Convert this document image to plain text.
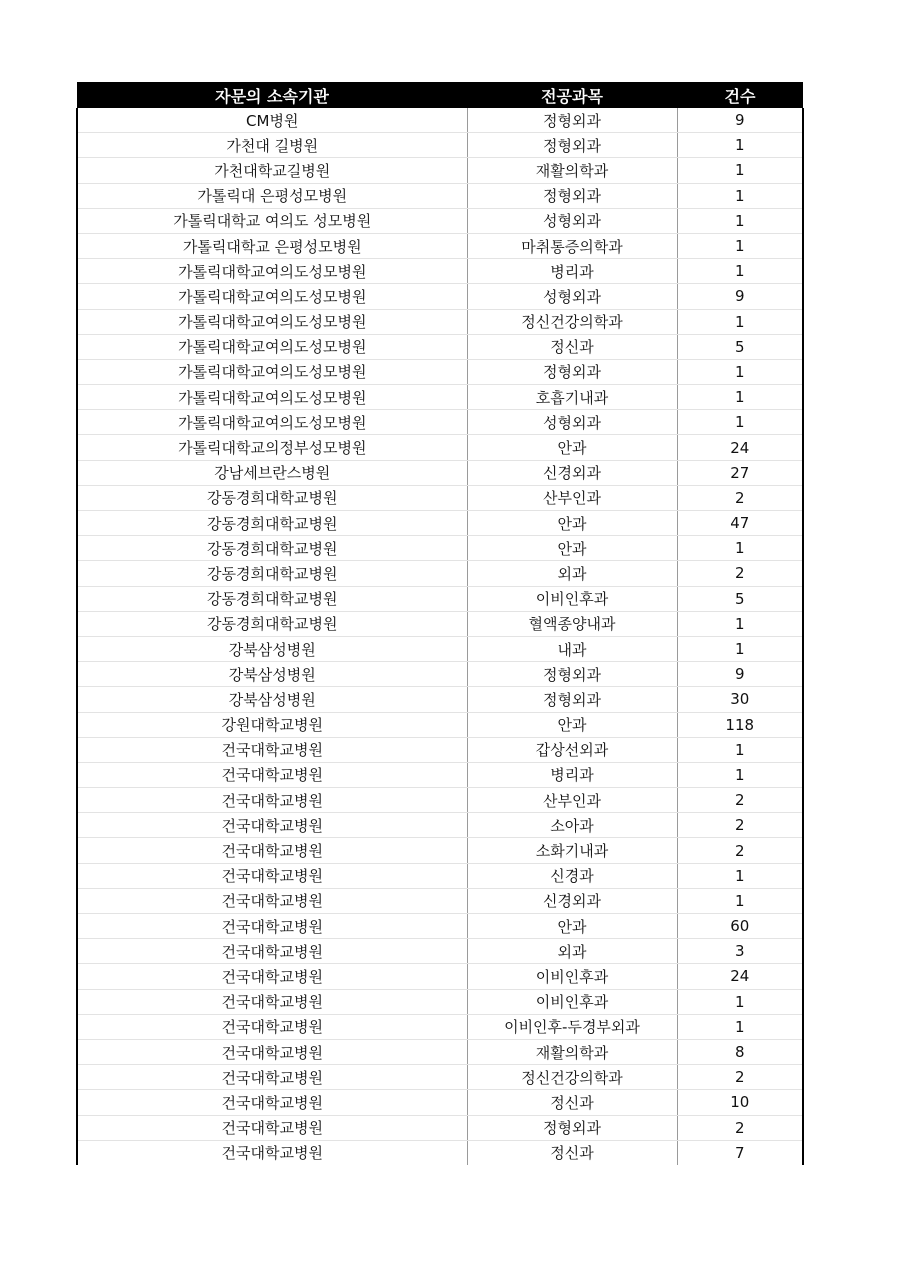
자문의 소속기관	전공과목	건수
CM병원	정형외과	9
가천대 길병원	정형외과	1
가천대학교길병원	재활의학과	1
가톨릭대 은평성모병원	정형외과	1
가톨릭대학교 여의도 성모병원	성형외과	1
가톨릭대학교 은평성모병원	마취통증의학과	1
가톨릭대학교여의도성모병원	병리과	1
가톨릭대학교여의도성모병원	성형외과	9
가톨릭대학교여의도성모병원	정신건강의학과	1
가톨릭대학교여의도성모병원	정신과	5
가톨릭대학교여의도성모병원	정형외과	1
가톨릭대학교여의도성모병원	호흡기내과	1
가톨릭대학교여의도성모병원	성형외과	1
가톨릭대학교의정부성모병원	안과	24
강남세브란스병원	신경외과	27
강동경희대학교병원	산부인과	2
강동경희대학교병원	안과	47
강동경희대학교병원	안과	1
강동경희대학교병원	외과	2
강동경희대학교병원	이비인후과	5
강동경희대학교병원	혈액종양내과	1
강북삼성병원	내과	1
강북삼성병원	정형외과	9
강북삼성병원	정형외과	30
강원대학교병원	안과	118
건국대학교병원	갑상선외과	1
건국대학교병원	병리과	1
건국대학교병원	산부인과	2
건국대학교병원	소아과	2
건국대학교병원	소화기내과	2
건국대학교병원	신경과	1
건국대학교병원	신경외과	1
건국대학교병원	안과	60
건국대학교병원	외과	3
건국대학교병원	이비인후과	24
건국대학교병원	이비인후과	1
건국대학교병원	이비인후-두경부외과	1
건국대학교병원	재활의학과	8
건국대학교병원	정신건강의학과	2
건국대학교병원	정신과	10
건국대학교병원	정형외과	2
건국대학교병원	정신과	7
